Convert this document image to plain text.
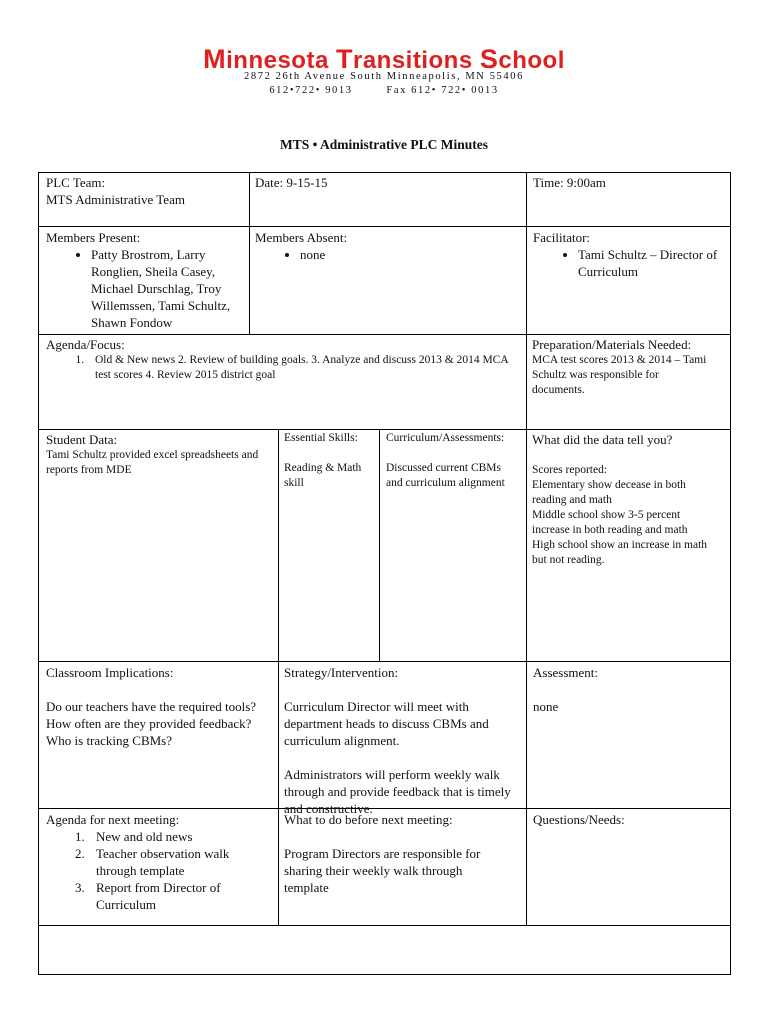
Minnesota Transitions School
2872 26th Avenue South Minneapolis, MN 55406
612•722• 9013        Fax 612• 722• 0013
MTS • Administrative PLC Minutes
PLC Team:
MTS Administrative Team
Date: 9-15-15	Time: 9:00am
Members Present:
• Patty Brostrom, Larry Ronglien, Sheila Casey, Michael Durschlag, Troy Willemssen, Tami Schultz, Shawn Fondow
Members Absent:
• none
Facilitator:
• Tami Schultz – Director of Curriculum
Agenda/Focus:
1. Old & New news 2. Review of building goals. 3. Analyze and discuss 2013 & 2014 MCA test scores 4. Review 2015 district goal
Preparation/Materials Needed:
MCA test scores 2013 & 2014 – Tami Schultz was responsible for documents.
Student Data:
Tami Schultz provided excel spreadsheets and reports from MDE
Essential Skills:
Reading & Math skill
Curriculum/Assessments:
Discussed current CBMs and curriculum alignment
What did the data tell you?
Scores reported:
Elementary show decease in both reading and math
Middle school show 3-5 percent increase in both reading and math
High school show an increase in math but not reading.
Classroom Implications:
Do our teachers have the required tools?
How often are they provided feedback?
Who is tracking CBMs?
Strategy/Intervention:
Curriculum Director will meet with department heads to discuss CBMs and curriculum alignment.
Administrators will perform weekly walk through and provide feedback that is timely and constructive.
Assessment:
none
Agenda for next meeting:
1. New and old news
2. Teacher observation walk through template
3. Report from Director of Curriculum
What to do before next meeting:
Program Directors are responsible for sharing their weekly walk through template
Questions/Needs:
